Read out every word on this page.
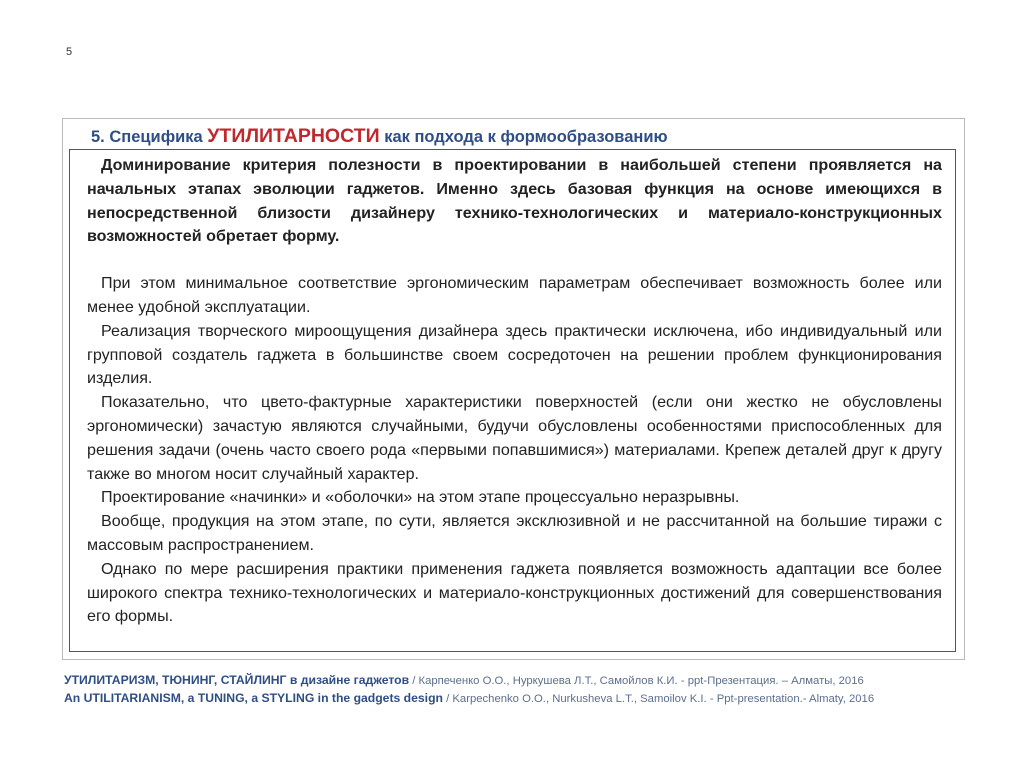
5
5. Специфика УТИЛИТАРНОСТИ как подхода к формообразованию

Доминирование критерия полезности в проектировании в наибольшей степени проявляется на начальных этапах эволюции гаджетов. Именно здесь базовая функция на основе имеющихся в непосредственной близости дизайнеру технико-технологических и материало-конструкционных возможностей обретает форму.

При этом минимальное соответствие эргономическим параметрам обеспечивает возможность более или менее удобной эксплуатации.

Реализация творческого мироощущения дизайнера здесь практически исключена, ибо индивидуальный или групповой создатель гаджета в большинстве своем сосредоточен на решении проблем функционирования изделия.

Показательно, что цвето-фактурные характеристики поверхностей (если они жестко не обусловлены эргономически) зачастую являются случайными, будучи обусловлены особенностями приспособленных для решения задачи (очень часто своего рода «первыми попавшимися») материалами. Крепеж деталей друг к другу также во многом носит случайный характер.

Проектирование «начинки» и «оболочки» на этом этапе процессуально неразрывны.

Вообще, продукция на этом этапе, по сути, является эксклюзивной и не рассчитанной на большие тиражи с массовым распространением.

Однако по мере расширения практики применения гаджета появляется возможность адаптации все более широкого спектра технико-технологических и материало-конструкционных достижений для совершенствования его формы.

УТИЛИТАРИЗМ, ТЮНИНГ, СТАЙЛИНГ в дизайне гаджетов / Карпеченко О.О., Нуркушева Л.Т., Самойлов К.И. - ppt-Презентация. – Алматы, 2016
An UTILITARIANISM, a TUNING, a STYLING in the gadgets design / Karpechenko O.O., Nurkusheva L.T., Samoilov K.I. - Ppt-presentation.- Almaty, 2016
